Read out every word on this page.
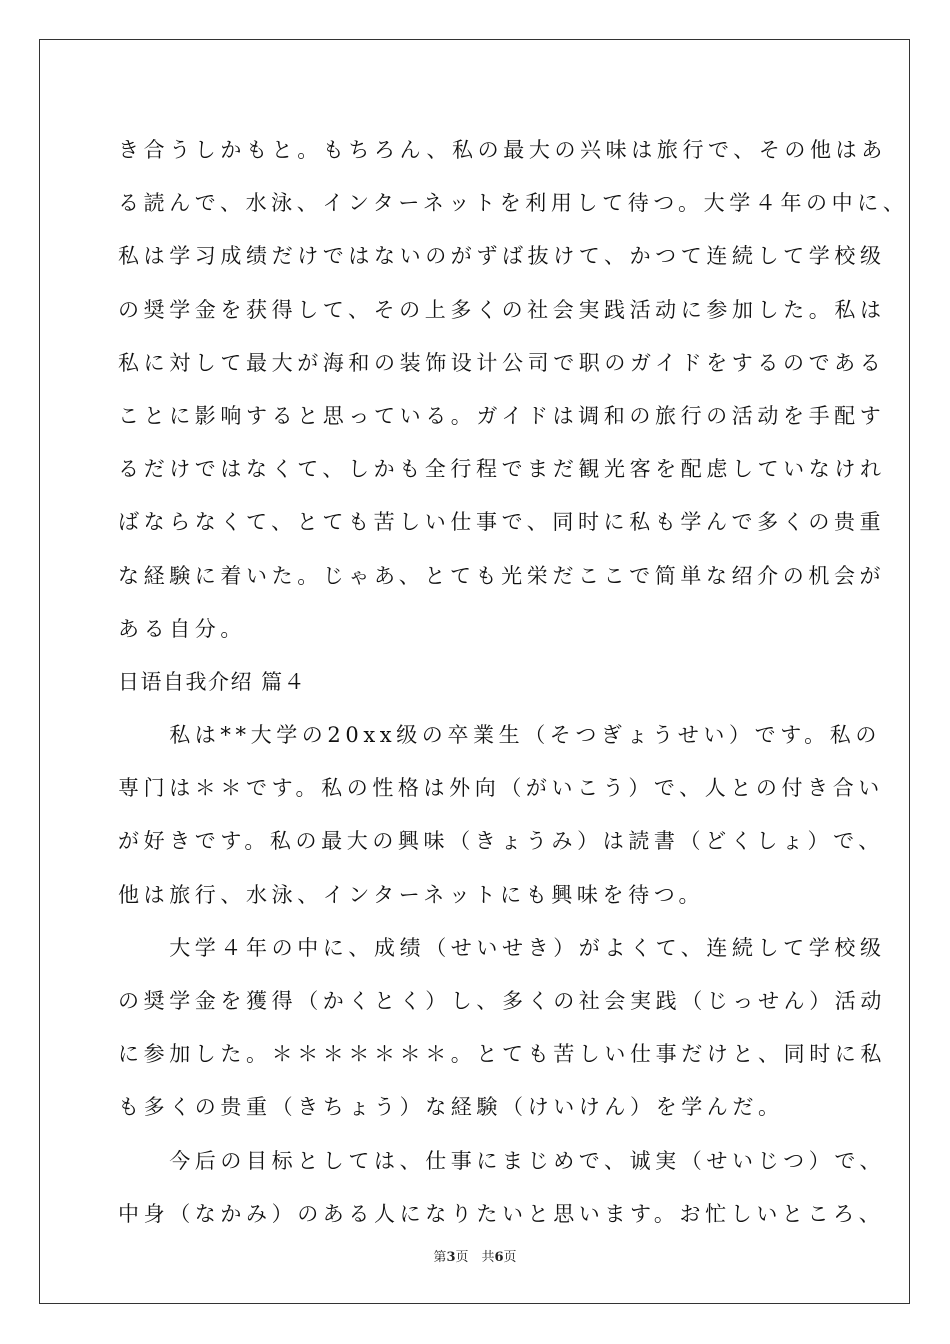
き合うしかもと。もちろん、私の最大の兴味は旅行で、その他はあ
る読んで、水泳、インターネットを利用して待つ。大学４年の中に、
私は学习成绩だけではないのがずば抜けて、かつて连続して学校级
の奨学金を获得して、その上多くの社会実践活动に参加した。私は
私に対して最大が海和の装饰设计公司で职のガイドをするのである
ことに影响すると思っている。ガイドは调和の旅行の活动を手配す
るだけではなくて、しかも全行程でまだ観光客を配虑していなけれ
ばならなくて、とても苦しい仕事で、同时に私も学んで多くの贵重
な経験に着いた。じゃあ、とても光栄だここで简単な绍介の机会が
ある自分。
日语自我介绍 篇４
　　私は**大学の20xx级の卒業生（そつぎょうせい）です。私の
専门は＊＊です。私の性格は外向（がいこう）で、人との付き合い
が好きです。私の最大の興味（きょうみ）は読書（どくしょ）で、
他は旅行、水泳、インターネットにも興味を待つ。
　　大学４年の中に、成绩（せいせき）がよくて、连続して学校级
の奨学金を獲得（かくとく）し、多くの社会実践（じっせん）活动
に参加した。＊＊＊＊＊＊＊。とても苦しい仕事だけと、同时に私
も多くの贵重（きちょう）な経験（けいけん）を学んだ。
　　今后の目标としては、仕事にまじめで、诚実（せいじつ）で、
中身（なかみ）のある人になりたいと思います。お忙しいところ、
第3页　共6页
